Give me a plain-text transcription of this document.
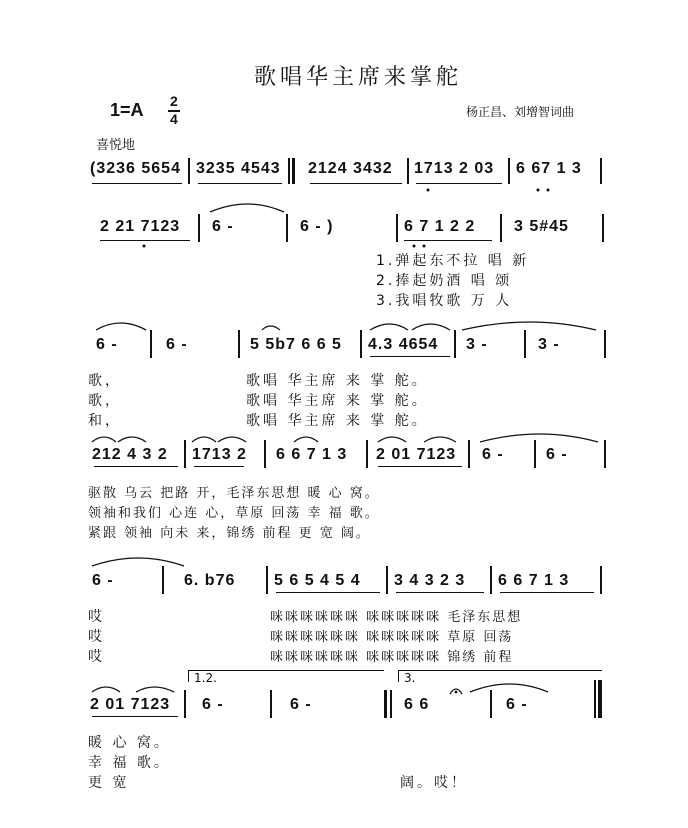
歌唱华主席来掌舵
1=A 2
4	杨正昌、刘增智词曲
喜悦地
(3236 5654 3235 4543 2124 3432 1713 2 03 6 67 1 3
2 21 7123 6 -	6 - )	6 7 1 2 2 3 5#45
1.弹起东不拉 唱 新
2.捧起奶酒 唱 颂
3.我唱牧歌 万 人
6 -	6 -	5 5b7 6 6 5 4.3 4654 3 -	3 -
歌，
歌，
和，
歌唱 华主席 来 掌 舵。
歌唱 华主席 来 掌 舵。
歌唱 华主席 来 掌 舵。
212 4 3 2 1713 2 6 6 7 1 3 2 01 7123 6 -	6 -
驱散 乌云 把路 开，毛泽东思想 暖 心 窝。
领袖和我们 心连 心，草原 回荡 幸 福 歌。
紧跟 领袖 向未 来，锦绣 前程 更 宽 阔。
6 -	6. b76 5 6 5 4 5 4 3 4 3 2 3 6 6 7 1 3
哎
哎
哎
咪咪咪咪咪咪 咪咪咪咪咪 毛泽东思想
咪咪咪咪咪咪 咪咪咪咪咪 草原 回荡
咪咪咪咪咪咪 咪咪咪咪咪 锦绣 前程
1.2.	3.
2 01 7123 6 -	6 -	6 6	6 -
暖 心 窝。
幸 福 歌。
更 宽	阔。哎！
